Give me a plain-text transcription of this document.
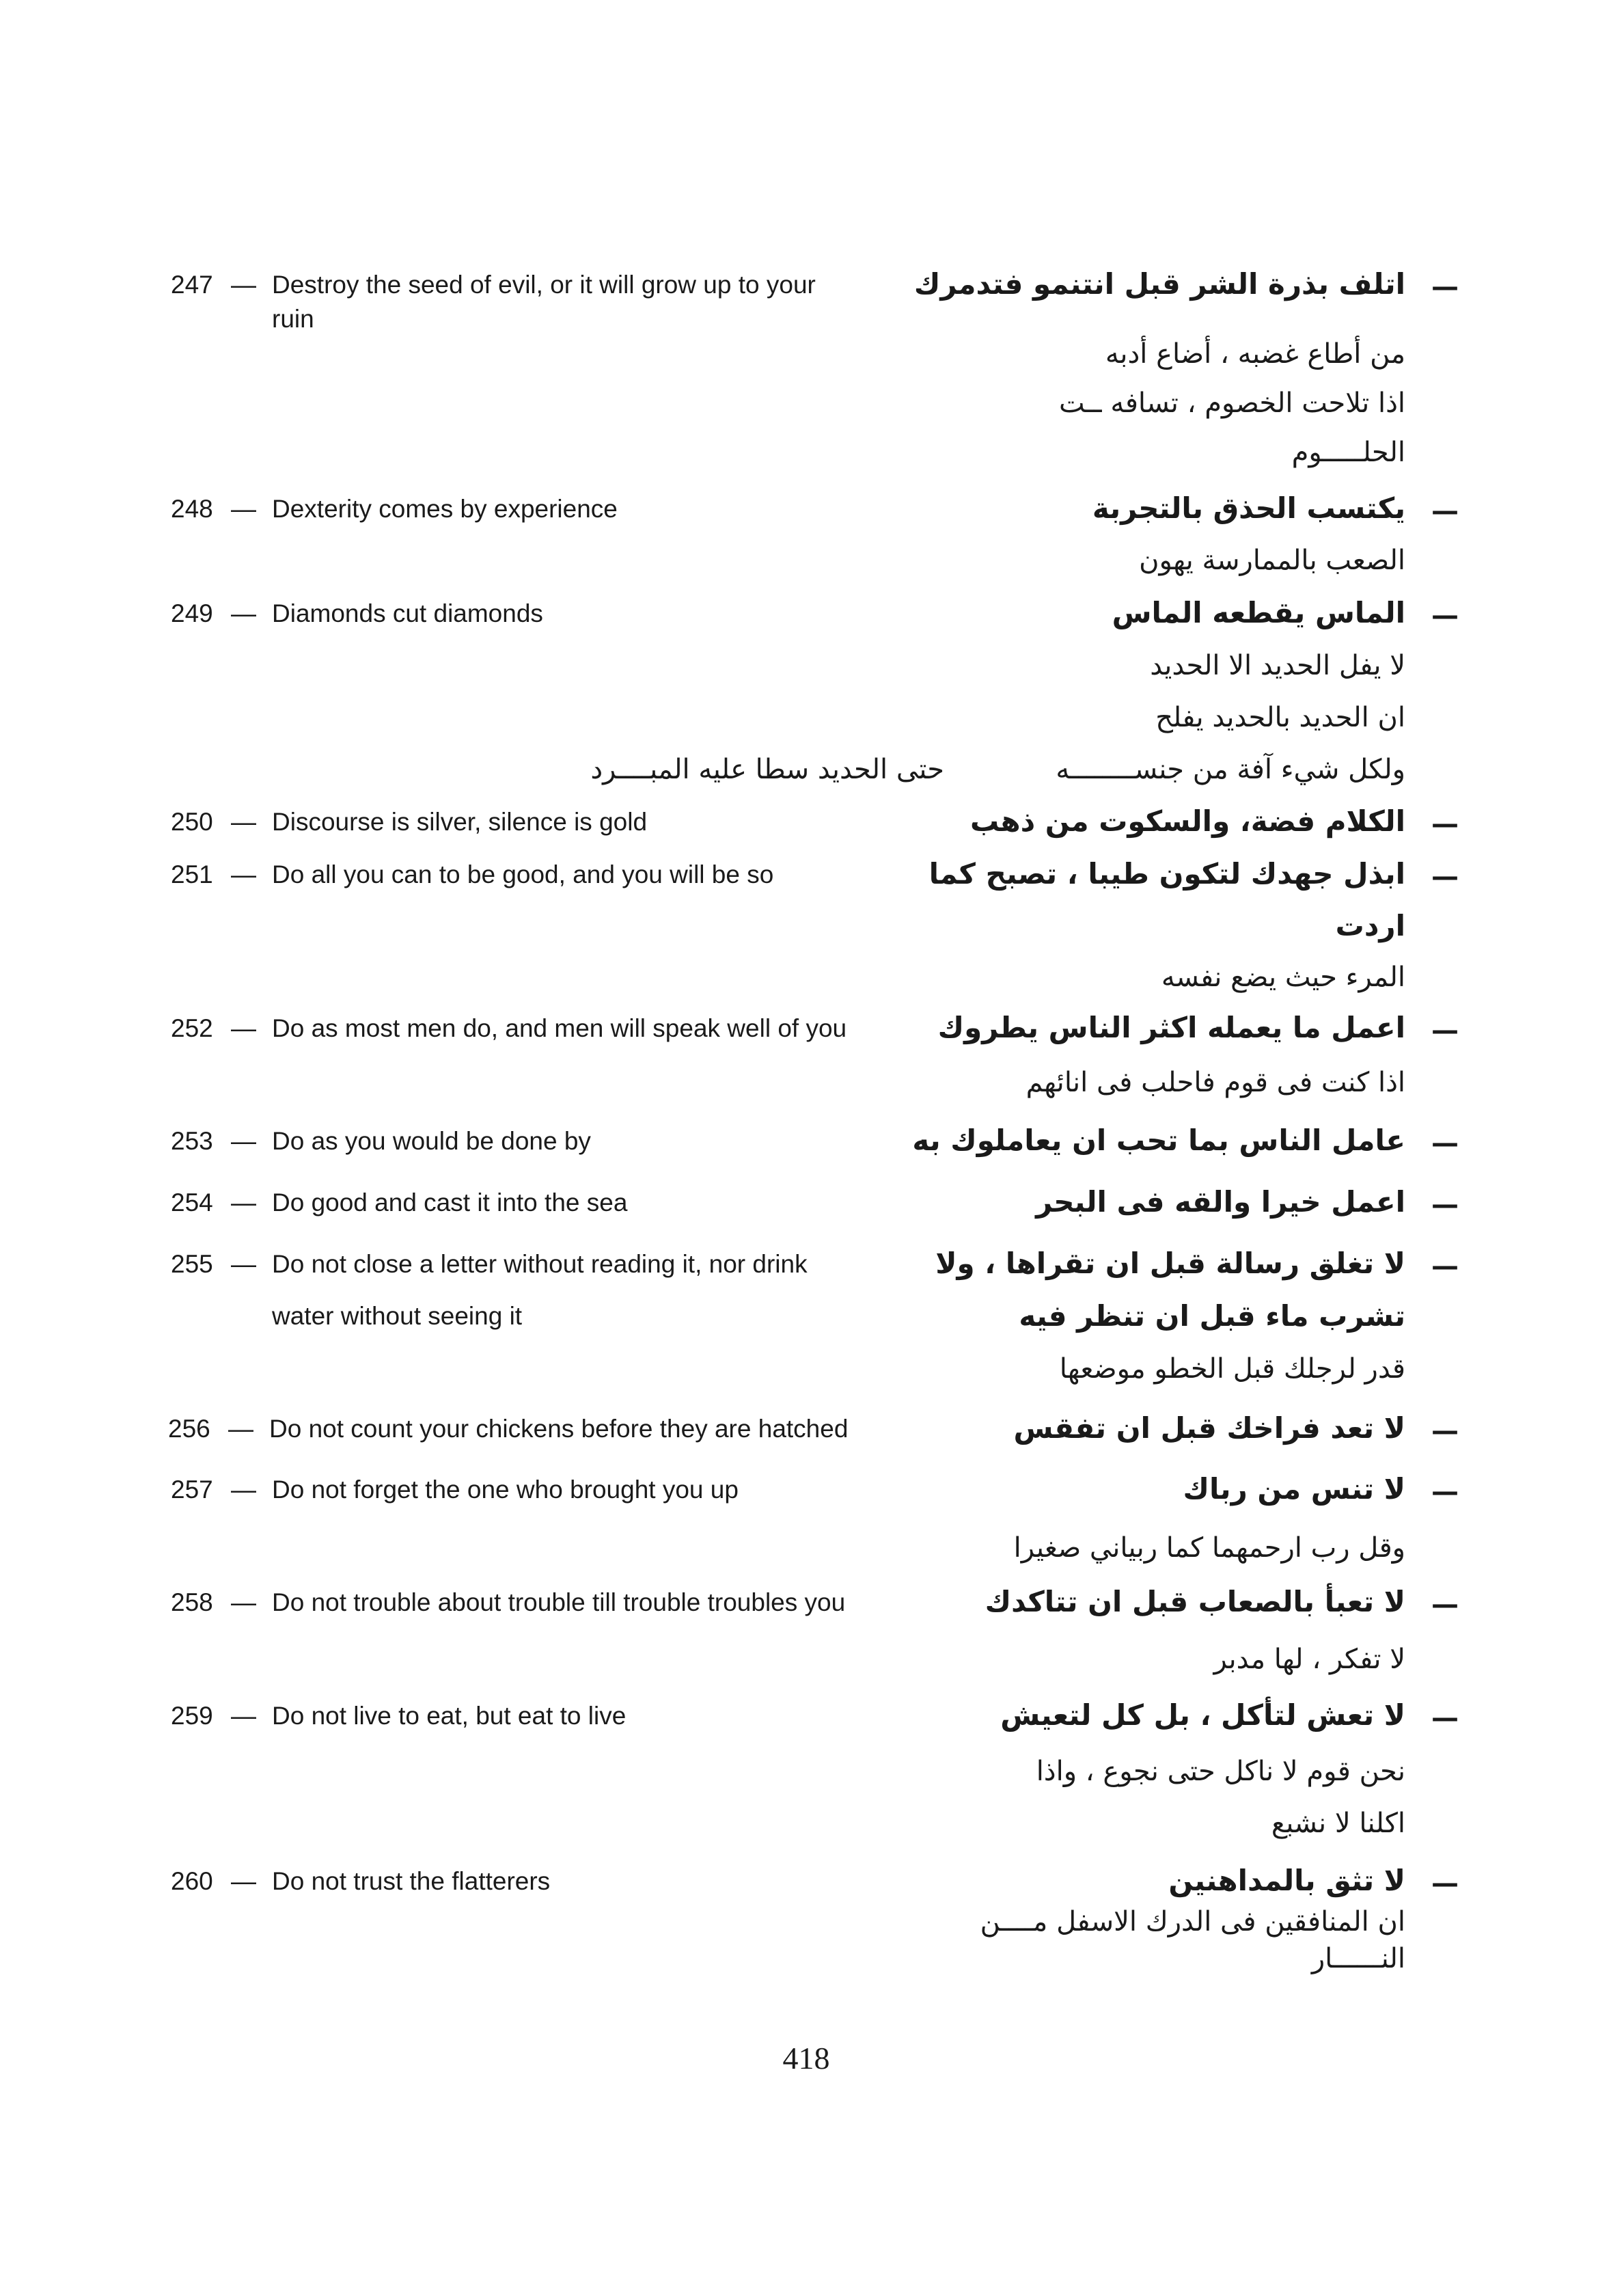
247 — Destroy the seed of evil, or it will grow up to your
ruin
—
اتلف بذرة الشر قبل انتنمو فتدمرك
من أطاع غضبه ، أضاع أدبه
اذا تلاحت الخصوم ، تسافه ــت
الحلـــــوم
248 — Dexterity comes by experience	—
يكتسب الحذق بالتجربة
الصعب بالممارسة يهون
249 — Diamonds cut diamonds	—
الماس يقطعه الماس
لا يفل الحديد الا الحديد
ان الحديد بالحديد يفلح
ولكل شيء آفة من جنســــــــه
حتى الحديد سطا عليه المبــــرد
250 — Discourse is silver, silence is gold	—
الكلام فضة، والسكوت من ذهب
251 — Do all you can to be good, and you will be so	—
ابذل جهدك لتكون طيبا ، تصبح كما
اردت
المرء حيث يضع نفسه
252 — Do as most men do, and men will speak well of you	—
اعمل ما يعمله اكثر الناس يطروك
اذا كنت فى قوم فاحلب فى انائهم
253 — Do as you would be done by	—
عامل الناس بما تحب ان يعاملوك به
254 — Do good and cast it into the sea	—
اعمل خيرا والقه فى البحر
255 — Do not close a letter without reading it, nor drink
water without seeing it
—
لا تغلق رسالة قبل ان تقراها ، ولا
تشرب ماء قبل ان تنظر فيه
قدر لرجلك قبل الخطو موضعها
256 — Do not count your chickens before they are hatched	—
لا تعد فراخك قبل ان تفقس
257 — Do not forget the one who brought you up	—
لا تنس من رباك
وقل رب ارحمهما كما ربياني صغيرا
258 — Do not trouble about trouble till trouble troubles you	—
لا تعبأ بالصعاب قبل ان تتاكدك
لا تفكر ، لها مدبر
259 — Do not live to eat, but eat to live	—
لا تعش لتأكل ، بل كل لتعيش
نحن قوم لا ناكل حتى نجوع ، واذا
اكلنا لا نشبع
260 — Do not trust the flatterers	—
لا تثق بالمداهنين
ان المنافقين فى الدرك الاسفل مــــن
النــــــار
418
